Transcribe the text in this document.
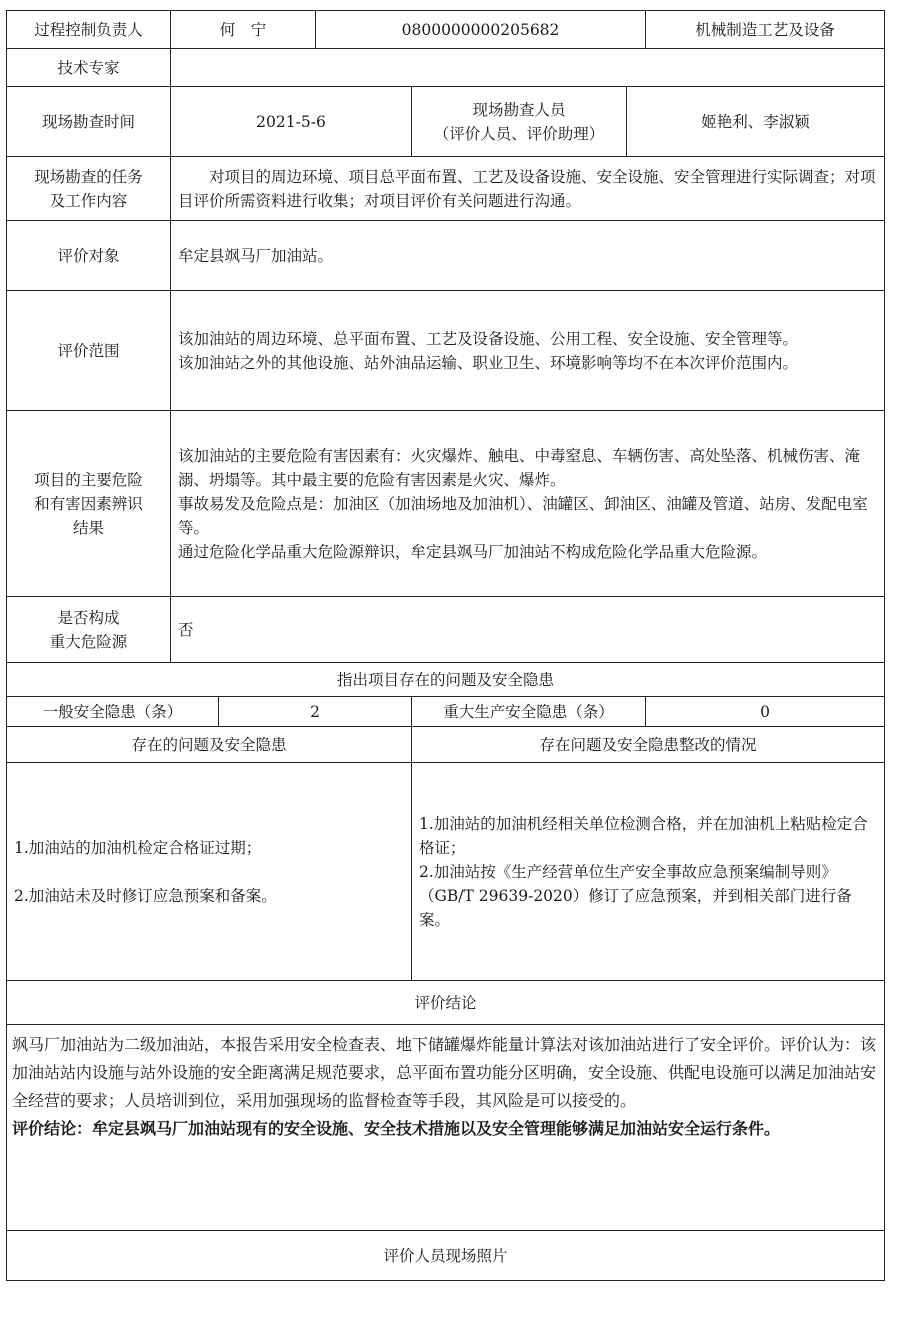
过程控制负责人	何　宁		0800000000205682			机械制造工艺及设备
技术专家						
现场勘查时间	2021-5-6			现场勘查人员
（评价人员、评价助理）	姬艳利、李淑颖	

现场勘查的任务
及工作内容	对项目的周边环境、项目总平面布置、工艺及设备设施、安全设施、安全管理进行实际调查；对项目评价所需资料进行收集；对项目评价有关问题进行沟通。					
评价对象	牟定县飒马厂加油站。					
评价范围	该加油站的周边环境、总平面布置、工艺及设备设施、公用工程、安全设施、安全管理等。
该加油站之外的其他设施、站外油品运输、职业卫生、环境影响等均不在本次评价范围内。					

项目的主要危险
和有害因素辨识
结果	该加油站的主要危险有害因素有：火灾爆炸、触电、中毒窒息、车辆伤害、高处坠落、机械伤害、淹溺、坍塌等。其中最主要的危险有害因素是火灾、爆炸。
事故易发及危险点是：加油区（加油场地及加油机）、油罐区、卸油区、油罐及管道、站房、发配电室等。
通过危险化学品重大危险源辩识，牟定县飒马厂加油站不构成危险化学品重大危险源。					

是否构成
重大危险源	否					
指出项目存在的问题及安全隐患						
一般安全隐患（条）		2		重大生产安全隐患（条）		0
存在的问题及安全隐患				存在问题及安全隐患整改的情况		

1.加油站的加油机检定合格证过期；
2.加油站未及时修订应急预案和备案。				1.加油站的加油机经相关单位检测合格，并在加油机上粘贴检定合格证；
2.加油站按《生产经营单位生产安全事故应急预案编制导则》（GB/T 29639-2020）修订了应急预案，并到相关部门进行备案。		

评价结论						

飒马厂加油站为二级加油站，本报告采用安全检查表、地下储罐爆炸能量计算法对该加油站进行了安全评价。评价认为：该加油站站内设施与站外设施的安全距离满足规范要求，总平面布置功能分区明确，安全设施、供配电设施可以满足加油站安全经营的要求；人员培训到位，采用加强现场的监督检查等手段，其风险是可以接受的。
评价结论：牟定县飒马厂加油站现有的安全设施、安全技术措施以及安全管理能够满足加油站安全运行条件。						

评价人员现场照片						
